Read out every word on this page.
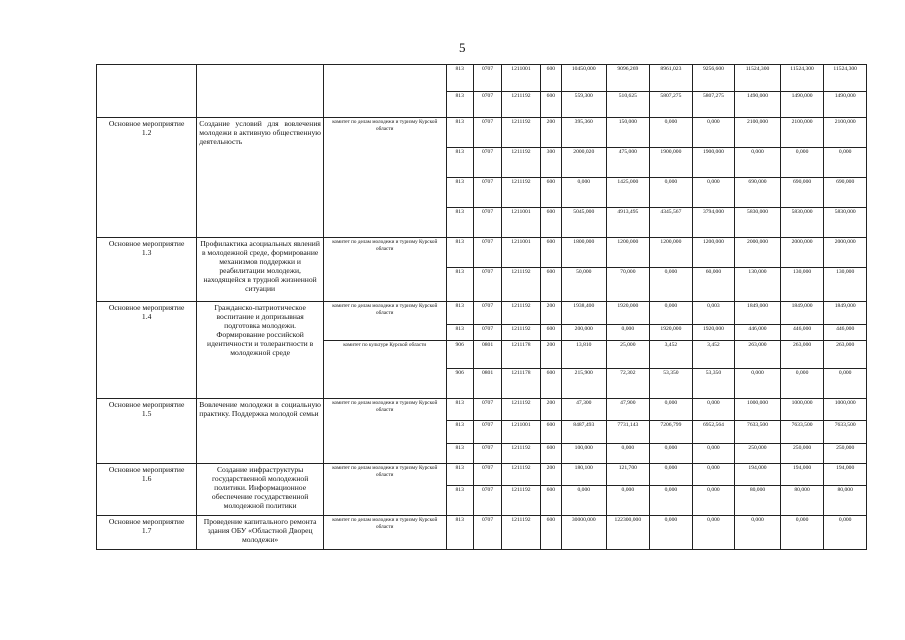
5
			813	0707	1211001	600	10450,000	9096,269	8961,023	9256,600	11524,300	11524,300	11524,300
			813	0707	1211192	600	559,300	510,625	5807,275	5807,275	1490,000	1490,000	1490,000
Основное мероприятие
1.2	Создание условий для вовлечения молодежи в активную общественную деятельность	комитет по делам молодежи и туризму Курской области	813	0707	1211192	200	395,360	150,000	0,000	0,000	2100,000	2100,000	2100,000
			813	0707	1211192	300	2000,020	475,000	1900,000	1900,000	0,000	0,000	0,000
			813	0707	1211192	600	0,000	1425,000	0,000	0,000	690,000	690,000	690,000
			813	0707	1211001	600	5045,000	4913,495	4345,567	3794,000	5830,000	5830,000	5830,000
Основное мероприятие
1.3	Профилактика асоциальных явлений в молодежной среде, формирование механизмов поддержки и реабилитации молодежи, находящейся в трудной жизненной ситуации	комитет по делам молодежи и туризму Курской области	813	0707	1211001	600	1800,000	1200,000	1200,000	1200,000	2000,000	2000,000	2000,000
			813	0707	1211192	600	50,000	70,000	0,000	60,000	130,000	130,000	130,000
Основное мероприятие
1.4	Гражданско-патриотическое воспитание и допризывная подготовка молодежи. Формирование российской идентичности и толерантности в молодежной среде	комитет по делам молодежи и туризму Курской области	813	0707	1211192	200	1938,400	1920,000	0,000	0,003	1849,000	1849,000	1849,000
			813	0707	1211192	600	200,000	0,000	1920,000	1920,000	446,000	446,000	446,000
		комитет по культуре Курской области	906	0801	1211178	200	13,810	25,000	3,452	3,452	263,000	263,000	263,000
			906	0801	1211178	600	215,900	72,302	53,350	53,350	0,000	0,000	0,000
Основное мероприятие
1.5	Вовлечение молодежи в социальную практику. Поддержка молодой семьи	комитет по делам молодежи и туризму Курской области	813	0707	1211192	200	47,300	47,900	0,000	0,000	1000,000	1000,000	1000,000
			813	0707	1211001	600	8487,493	7731,143	7206,799	6952,564	7633,500	7633,500	7633,500
			813	0707	1211192	600	100,000	0,000	0,000	0,000	250,000	250,000	250,000
Основное мероприятие
1.6	Создание инфраструктуры государственной молодежной политики. Информационное обеспечение государственной молодежной политики	комитет по делам молодежи и туризму Курской области	813	0707	1211192	200	180,100	121,700	0,000	0,000	194,000	194,000	194,000
			813	0707	1211192	600	0,000	0,000	0,000	0,000	80,000	80,000	80,000
Основное мероприятие
1.7	Проведение капитального ремонта здания ОБУ «Областной Дворец молодежи»	комитет по делам молодежи и туризму Курской области	813	0707	1211192	600	30000,000	122300,000	0,000	0,000	0,000	0,000	0,000
